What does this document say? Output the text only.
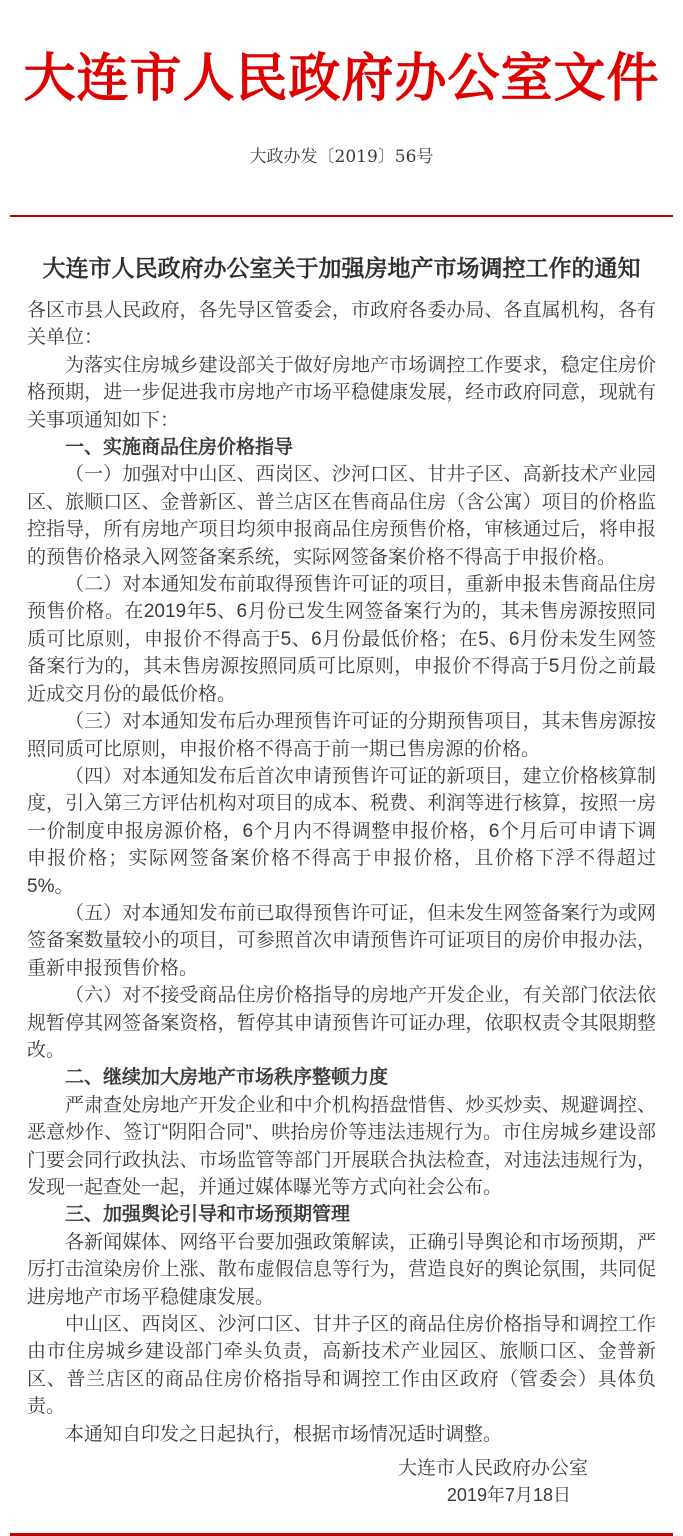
大连市人民政府办公室文件
大政办发〔2019〕56号
大连市人民政府办公室关于加强房地产市场调控工作的通知

各区市县人民政府，各先导区管委会，市政府各委办局、各直属机构，各有关单位：

为落实住房城乡建设部关于做好房地产市场调控工作要求，稳定住房价格预期，进一步促进我市房地产市场平稳健康发展，经市政府同意，现就有关事项通知如下：

一、实施商品住房价格指导

（一）加强对中山区、西岗区、沙河口区、甘井子区、高新技术产业园区、旅顺口区、金普新区、普兰店区在售商品住房（含公寓）项目的价格监控指导，所有房地产项目均须申报商品住房预售价格，审核通过后，将申报的预售价格录入网签备案系统，实际网签备案价格不得高于申报价格。

（二）对本通知发布前取得预售许可证的项目，重新申报未售商品住房预售价格。在2019年5、6月份已发生网签备案行为的，其未售房源按照同质可比原则，申报价不得高于5、6月份最低价格；在5、6月份未发生网签备案行为的，其未售房源按照同质可比原则，申报价不得高于5月份之前最近成交月份的最低价格。

（三）对本通知发布后办理预售许可证的分期预售项目，其未售房源按照同质可比原则，申报价格不得高于前一期已售房源的价格。

（四）对本通知发布后首次申请预售许可证的新项目，建立价格核算制度，引入第三方评估机构对项目的成本、税费、利润等进行核算，按照一房一价制度申报房源价格，6个月内不得调整申报价格，6个月后可申请下调申报价格；实际网签备案价格不得高于申报价格，且价格下浮不得超过5%。

（五）对本通知发布前已取得预售许可证，但未发生网签备案行为或网签备案数量较小的项目，可参照首次申请预售许可证项目的房价申报办法，重新申报预售价格。

（六）对不接受商品住房价格指导的房地产开发企业，有关部门依法依规暂停其网签备案资格，暂停其申请预售许可证办理，依职权责令其限期整改。

二、继续加大房地产市场秩序整顿力度

严肃查处房地产开发企业和中介机构捂盘惜售、炒买炒卖、规避调控、恶意炒作、签订“阴阳合同”、哄抬房价等违法违规行为。市住房城乡建设部门要会同行政执法、市场监管等部门开展联合执法检查，对违法违规行为，发现一起查处一起，并通过媒体曝光等方式向社会公布。

三、加强舆论引导和市场预期管理

各新闻媒体、网络平台要加强政策解读，正确引导舆论和市场预期，严厉打击渲染房价上涨、散布虚假信息等行为，营造良好的舆论氛围，共同促进房地产市场平稳健康发展。

中山区、西岗区、沙河口区、甘井子区的商品住房价格指导和调控工作由市住房城乡建设部门牵头负责，高新技术产业园区、旅顺口区、金普新区、普兰店区的商品住房价格指导和调控工作由区政府（管委会）具体负责。

本通知自印发之日起执行，根据市场情况适时调整。

大连市人民政府办公室
2019年7月18日
